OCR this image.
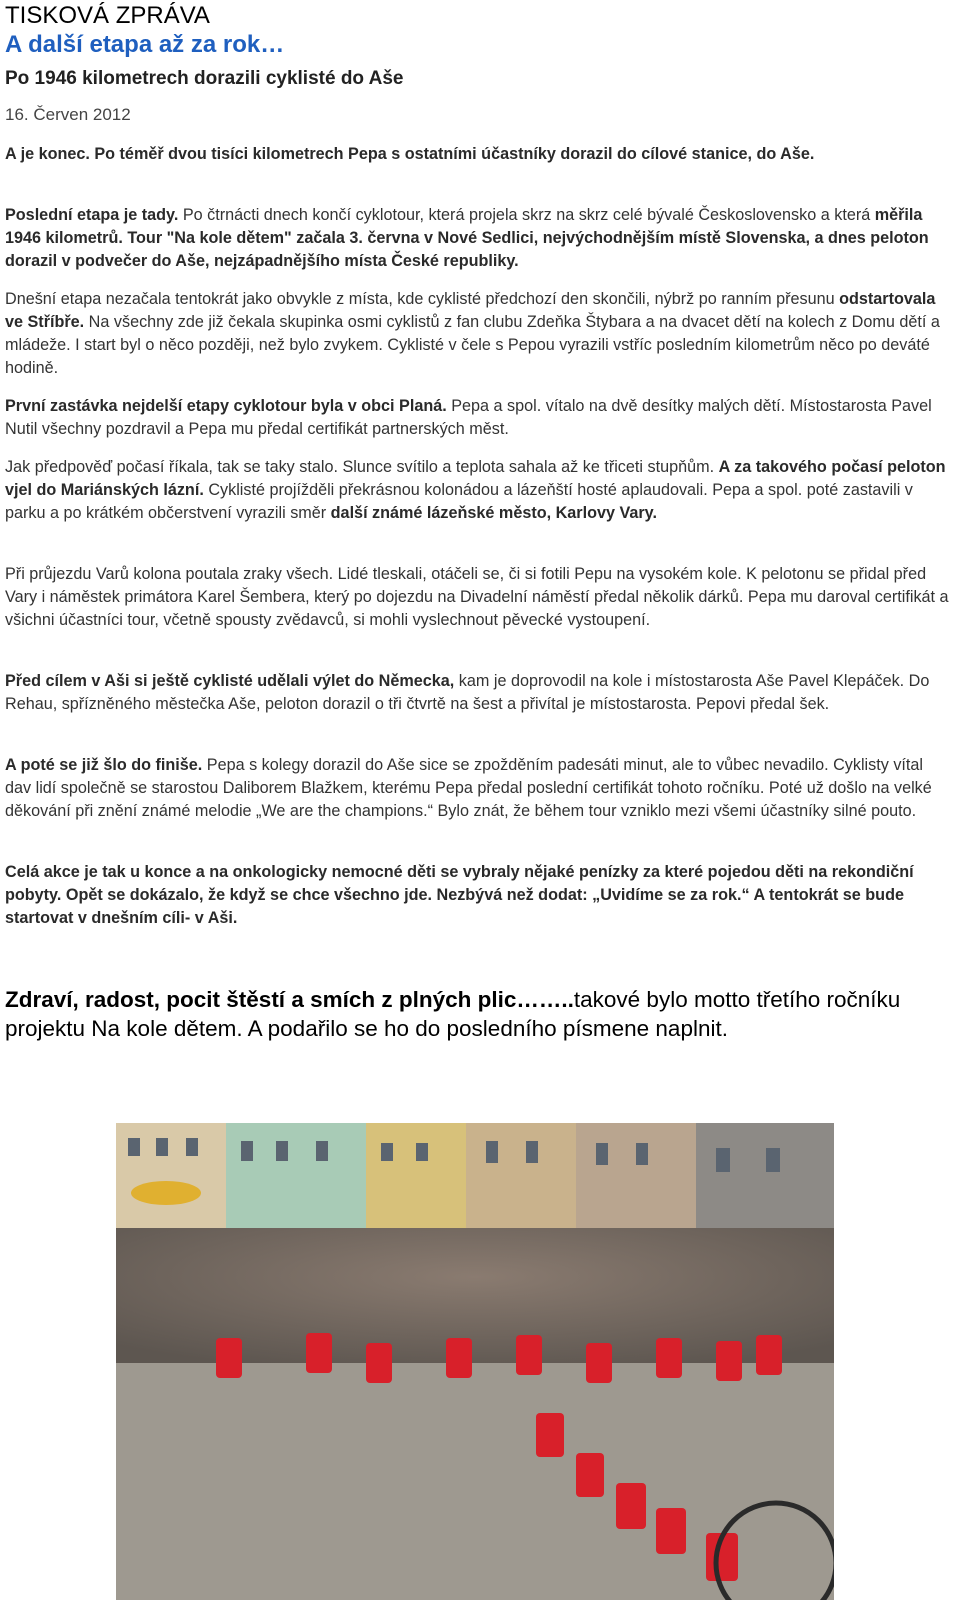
TISKOVÁ ZPRÁVA
A další etapa až za rok…
Po 1946 kilometrech dorazili cyklisté do Aše
16. Červen 2012

A je konec. Po téměř dvou tisíci kilometrech Pepa s ostatními účastníky dorazil do cílové stanice, do Aše.

Poslední etapa je tady. Po čtrnácti dnech končí cyklotour, která projela skrz na skrz celé bývalé Československo a která měřila 1946 kilometrů. Tour "Na kole dětem" začala 3. června v Nové Sedlici, nejvýchodnějším místě Slovenska, a dnes peloton dorazil v podvečer do Aše, nejzápadnějšího místa České republiky.

Dnešní etapa nezačala tentokrát jako obvykle z místa, kde cyklisté předchozí den skončili, nýbrž po ranním přesunu odstartovala ve Stříbře. Na všechny zde již čekala skupinka osmi cyklistů z fan clubu Zdeňka Štybara a na dvacet dětí na kolech z Domu dětí a mládeže. I start byl o něco později, než bylo zvykem. Cyklisté v čele s Pepou vyrazili vstříc posledním kilometrům něco po deváté hodině.

První zastávka nejdelší etapy cyklotour byla v obci Planá. Pepa a spol. vítalo na dvě desítky malých dětí. Místostarosta Pavel Nutil všechny pozdravil a Pepa mu předal certifikát partnerských měst.

Jak předpověď počasí říkala, tak se taky stalo. Slunce svítilo a teplota sahala až ke třiceti stupňům. A za takového počasí peloton vjel do Mariánských lázní. Cyklisté projížděli překrásnou kolonádou a lázeňští hosté aplaudovali. Pepa a spol. poté zastavili v parku a po krátkém občerstvení vyrazili směr další známé lázeňské město, Karlovy Vary.

Při průjezdu Varů kolona poutala zraky všech. Lidé tleskali, otáčeli se, či si fotili Pepu na vysokém kole. K pelotonu se přidal před Vary i náměstek primátora Karel Šembera, který po dojezdu na Divadelní náměstí předal několik dárků. Pepa mu daroval certifikát a všichni účastníci tour, včetně spousty zvědavců, si mohli vyslechnout pěvecké vystoupení.

Před cílem v Aši si ještě cyklisté udělali výlet do Německa, kam je doprovodil na kole i místostarosta Aše Pavel Klepáček. Do Rehau, spřízněného městečka Aše, peloton dorazil o tři čtvrtě na šest a přivítal je místostarosta. Pepovi předal šek.

A poté se již šlo do finiše. Pepa s kolegy dorazil do Aše sice se zpožděním padesáti minut, ale to vůbec nevadilo. Cyklisty vítal dav lidí společně se starostou Daliborem Blažkem, kterému Pepa předal poslední certifikát tohoto ročníku. Poté už došlo na velké děkování při znění známé melodie „We are the champions.“ Bylo znát, že během tour vzniklo mezi všemi účastníky silné pouto.

Celá akce je tak u konce a na onkologicky nemocné děti se vybraly nějaké penízky za které pojedou děti na rekondiční pobyty. Opět se dokázalo, že když se chce všechno jde. Nezbývá než dodat: „Uvidíme se za rok.“ A tentokrát se bude startovat v dnešním cíli- v Aši.

Zdraví, radost, pocit štěstí a smích z plných plic……..takové bylo motto třetího ročníku projektu Na kole dětem. A podařilo se ho do posledního písmene naplnit.
